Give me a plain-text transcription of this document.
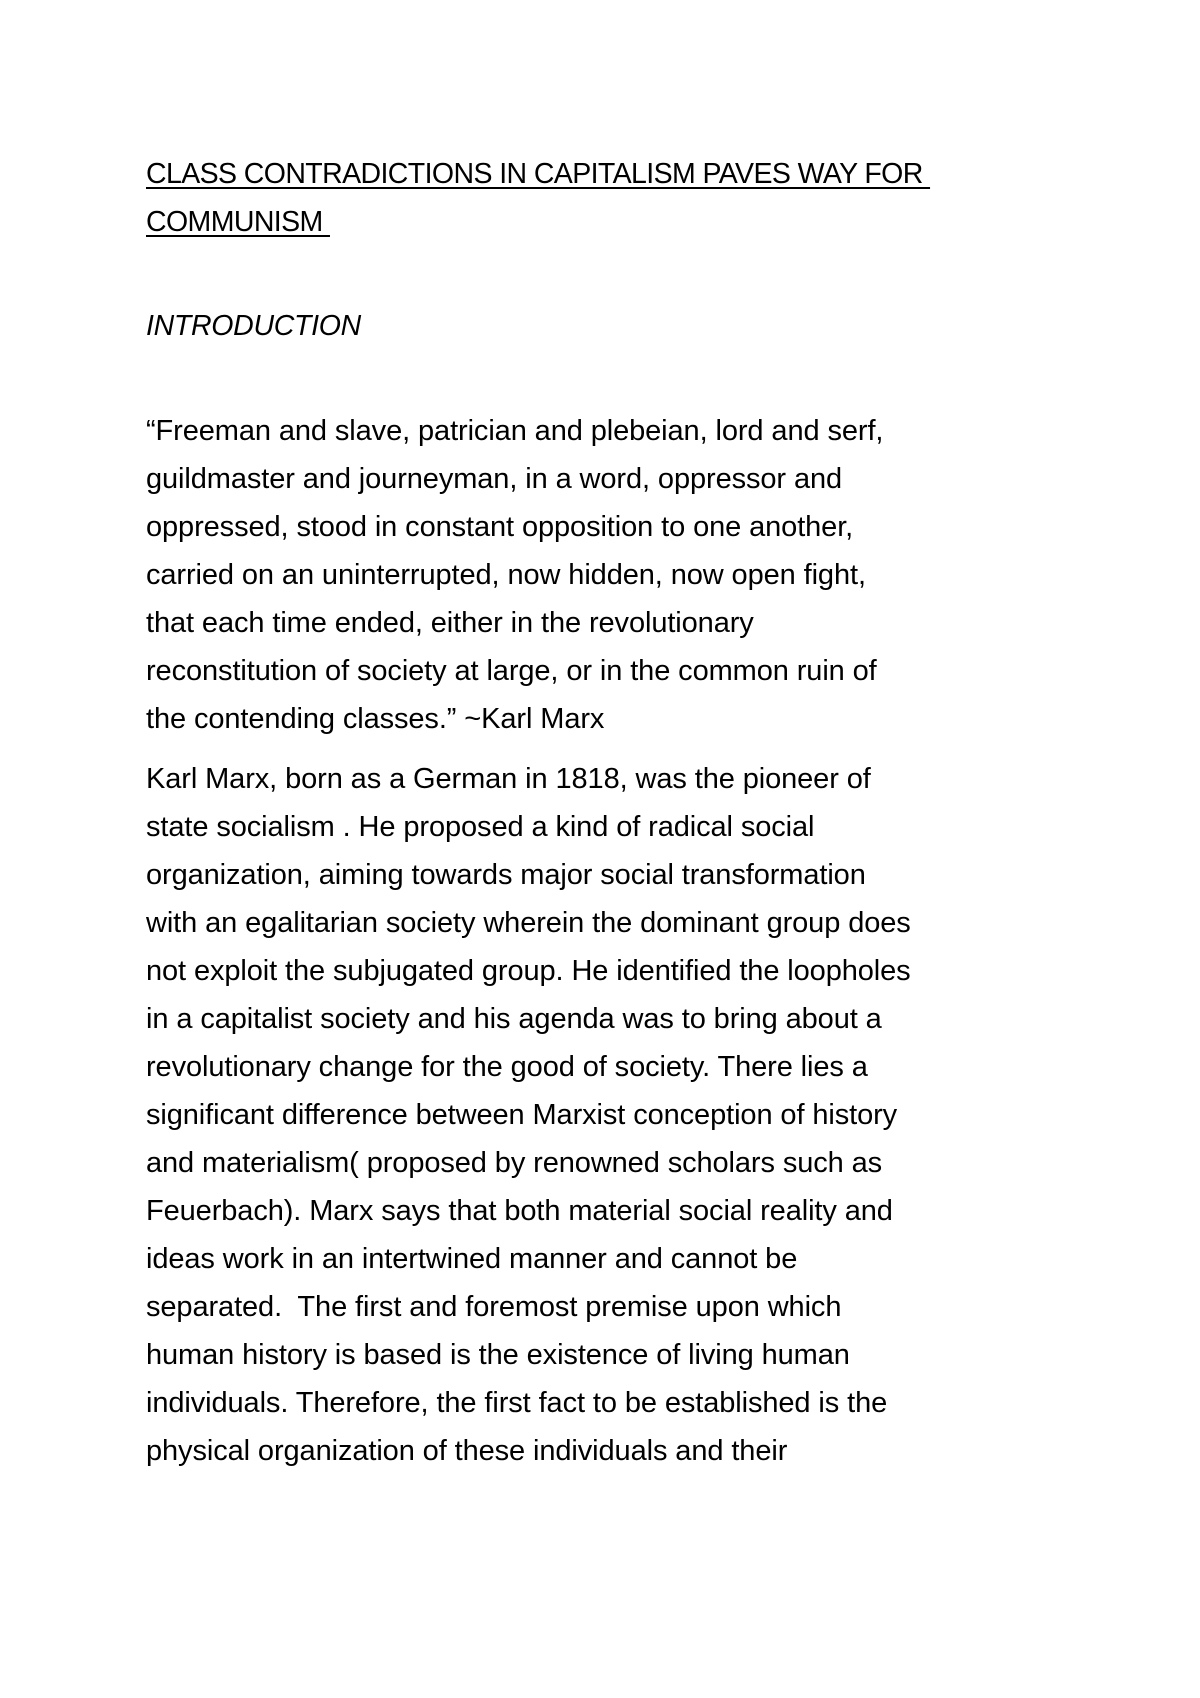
CLASS CONTRADICTIONS IN CAPITALISM PAVES WAY FOR
COMMUNISM
INTRODUCTION

“Freeman and slave, patrician and plebeian, lord and serf,
guildmaster and journeyman, in a word, oppressor and
oppressed, stood in constant opposition to one another,
carried on an uninterrupted, now hidden, now open fight,
that each time ended, either in the revolutionary
reconstitution of society at large, or in the common ruin of
the contending classes.” ~Karl Marx

Karl Marx, born as a German in 1818, was the pioneer of
state socialism . He proposed a kind of radical social
organization, aiming towards major social transformation
with an egalitarian society wherein the dominant group does
not exploit the subjugated group. He identified the loopholes
in a capitalist society and his agenda was to bring about a
revolutionary change for the good of society. There lies a
significant difference between Marxist conception of history
and materialism( proposed by renowned scholars such as
Feuerbach). Marx says that both material social reality and
ideas work in an intertwined manner and cannot be
separated.  The first and foremost premise upon which
human history is based is the existence of living human
individuals. Therefore, the first fact to be established is the
physical organization of these individuals and their
